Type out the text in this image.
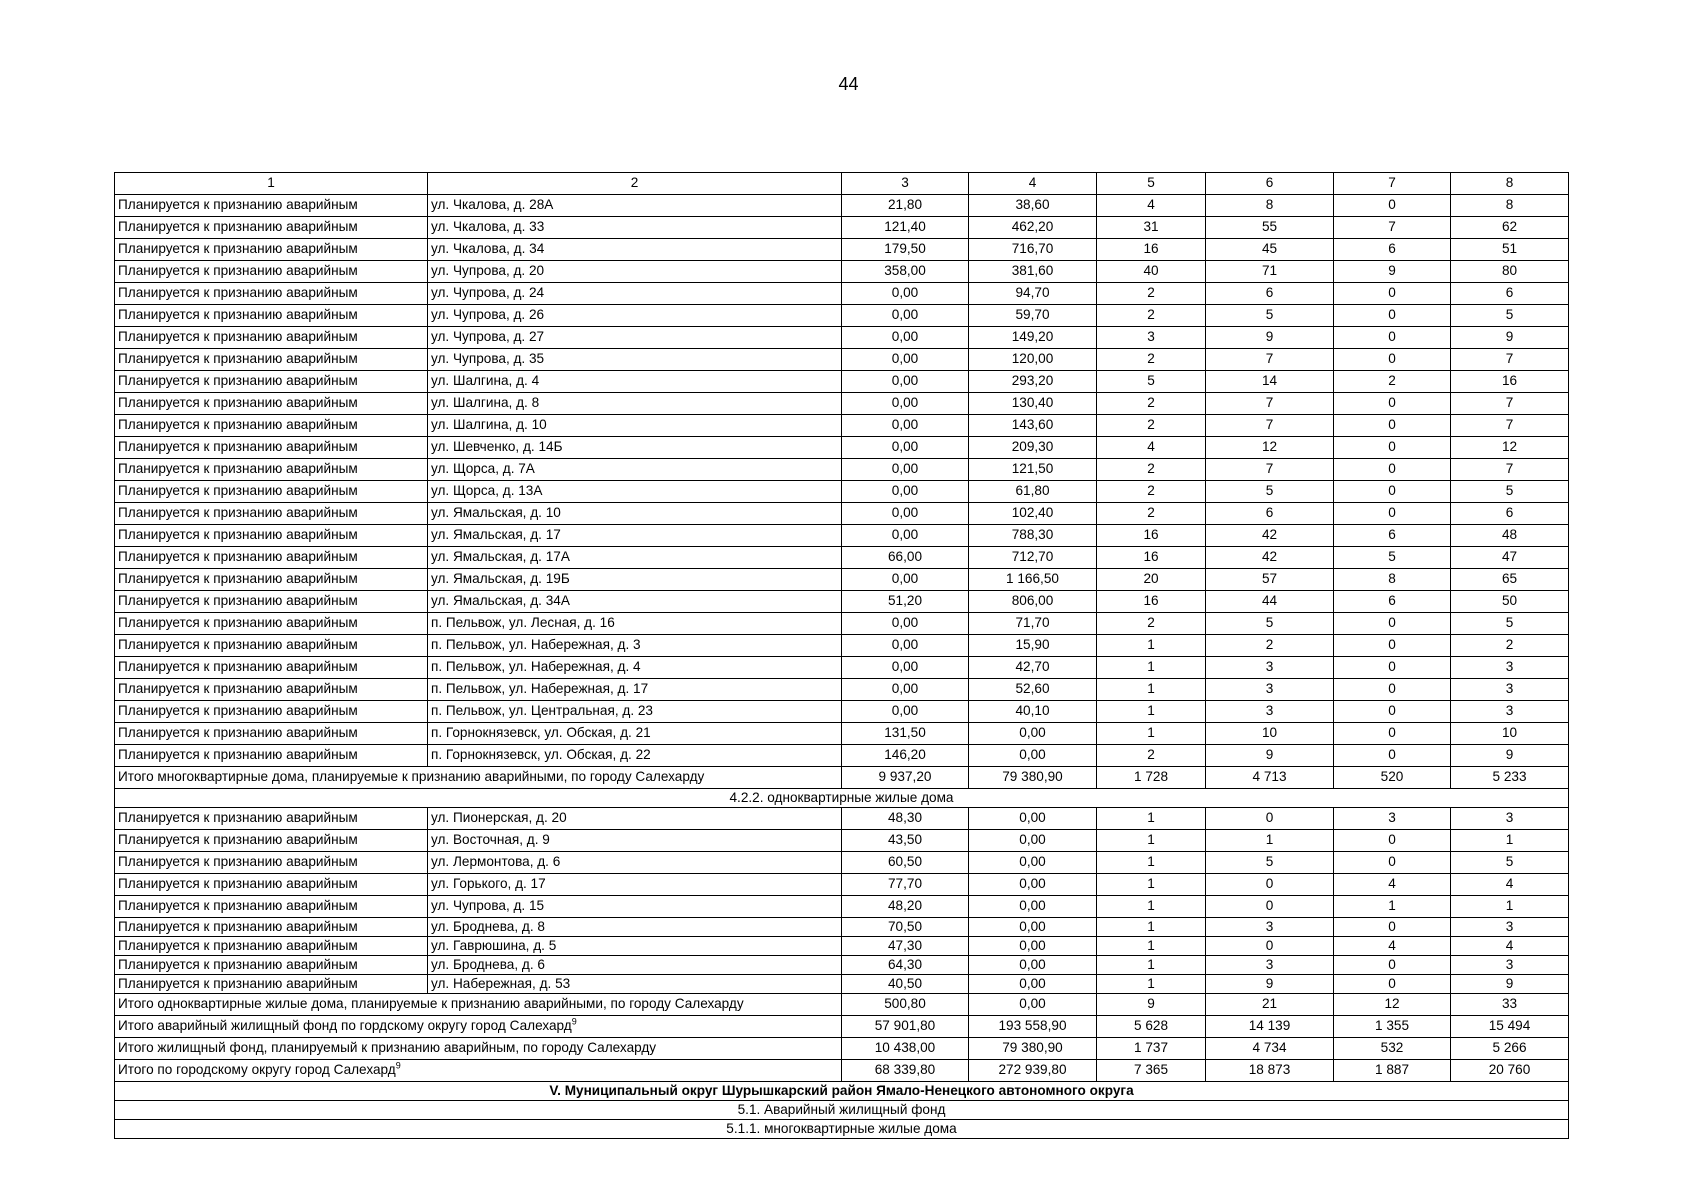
44
1	2	3	4	5	6	7	8
Планируется к признанию аварийным	ул. Чкалова, д. 28А	21,80	38,60	4	8	0	8
Планируется к признанию аварийным	ул. Чкалова, д. 33	121,40	462,20	31	55	7	62
Планируется к признанию аварийным	ул. Чкалова, д. 34	179,50	716,70	16	45	6	51
Планируется к признанию аварийным	ул. Чупрова, д. 20	358,00	381,60	40	71	9	80
Планируется к признанию аварийным	ул. Чупрова, д. 24	0,00	94,70	2	6	0	6
Планируется к признанию аварийным	ул. Чупрова, д. 26	0,00	59,70	2	5	0	5
Планируется к признанию аварийным	ул. Чупрова, д. 27	0,00	149,20	3	9	0	9
Планируется к признанию аварийным	ул. Чупрова, д. 35	0,00	120,00	2	7	0	7
Планируется к признанию аварийным	ул. Шалгина, д. 4	0,00	293,20	5	14	2	16
Планируется к признанию аварийным	ул. Шалгина, д. 8	0,00	130,40	2	7	0	7
Планируется к признанию аварийным	ул. Шалгина, д. 10	0,00	143,60	2	7	0	7
Планируется к признанию аварийным	ул. Шевченко, д. 14Б	0,00	209,30	4	12	0	12
Планируется к признанию аварийным	ул. Щорса, д. 7А	0,00	121,50	2	7	0	7
Планируется к признанию аварийным	ул. Щорса, д. 13А	0,00	61,80	2	5	0	5
Планируется к признанию аварийным	ул. Ямальская, д. 10	0,00	102,40	2	6	0	6
Планируется к признанию аварийным	ул. Ямальская, д. 17	0,00	788,30	16	42	6	48
Планируется к признанию аварийным	ул. Ямальская, д. 17А	66,00	712,70	16	42	5	47
Планируется к признанию аварийным	ул. Ямальская, д. 19Б	0,00	1 166,50	20	57	8	65
Планируется к признанию аварийным	ул. Ямальская, д. 34А	51,20	806,00	16	44	6	50
Планируется к признанию аварийным	п. Пельвож, ул. Лесная, д. 16	0,00	71,70	2	5	0	5
Планируется к признанию аварийным	п. Пельвож, ул. Набережная, д. 3	0,00	15,90	1	2	0	2
Планируется к признанию аварийным	п. Пельвож, ул. Набережная, д. 4	0,00	42,70	1	3	0	3
Планируется к признанию аварийным	п. Пельвож, ул. Набережная, д. 17	0,00	52,60	1	3	0	3
Планируется к признанию аварийным	п. Пельвож, ул. Центральная, д. 23	0,00	40,10	1	3	0	3
Планируется к признанию аварийным	п. Горнокнязевск, ул. Обская, д. 21	131,50	0,00	1	10	0	10
Планируется к признанию аварийным	п. Горнокнязевск, ул. Обская, д. 22	146,20	0,00	2	9	0	9
Итого многоквартирные дома, планируемые к признанию аварийными, по городу Салехарду		9 937,20	79 380,90	1 728	4 713	520	5 233
4.2.2. одноквартирные жилые дома							
Планируется к признанию аварийным	ул. Пионерская, д. 20	48,30	0,00	1	0	3	3
Планируется к признанию аварийным	ул. Восточная, д. 9	43,50	0,00	1	1	0	1
Планируется к признанию аварийным	ул. Лермонтова, д. 6	60,50	0,00	1	5	0	5
Планируется к признанию аварийным	ул. Горького, д. 17	77,70	0,00	1	0	4	4
Планируется к признанию аварийным	ул. Чупрова, д. 15	48,20	0,00	1	0	1	1
Планируется к признанию аварийным	ул. Броднева, д. 8	70,50	0,00	1	3	0	3
Планируется к признанию аварийным	ул. Гаврюшина, д. 5	47,30	0,00	1	0	4	4
Планируется к признанию аварийным	ул. Броднева, д. 6	64,30	0,00	1	3	0	3
Планируется к признанию аварийным	ул. Набережная, д. 53	40,50	0,00	1	9	0	9
Итого одноквартирные жилые дома, планируемые к признанию аварийными, по городу Салехарду		500,80	0,00	9	21	12	33
Итого аварийный жилищный фонд по гордскому округу город Салехард$^9$		57 901,80	193 558,90	5 628	14 139	1 355	15 494
Итого жилищный фонд, планируемый к признанию аварийным, по городу Салехарду		10 438,00	79 380,90	1 737	4 734	532	5 266
Итого по городскому округу город Салехард$^9$		68 339,80	272 939,80	7 365	18 873	1 887	20 760
V. Муниципальный округ Шурышкарский район Ямало-Ненецкого автономного округа							
5.1. Аварийный жилищный фонд							
5.1.1. многоквартирные жилые дома							
